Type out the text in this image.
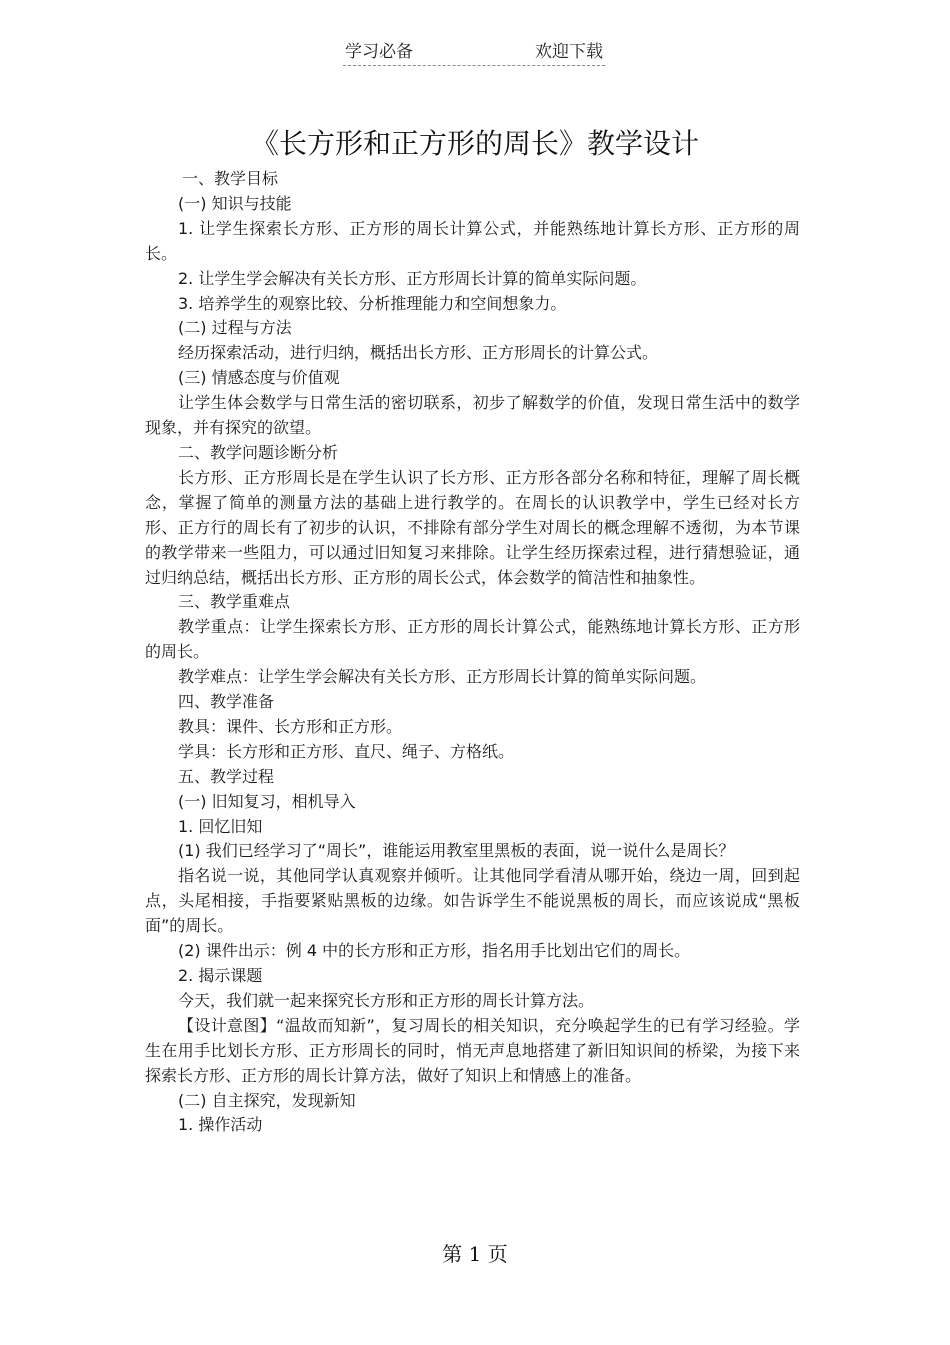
学习必备	欢迎下载
《长方形和正方形的周长》教学设计

一、教学目标

(一) 知识与技能

1. 让学生探索长方形、正方形的周长计算公式，并能熟练地计算长方形、正方形的周长。

2. 让学生学会解决有关长方形、正方形周长计算的简单实际问题。

3. 培养学生的观察比较、分析推理能力和空间想象力。

(二) 过程与方法

经历探索活动，进行归纳，概括出长方形、正方形周长的计算公式。

(三) 情感态度与价值观

让学生体会数学与日常生活的密切联系，初步了解数学的价值，发现日常生活中的数学现象，并有探究的欲望。

二、教学问题诊断分析

长方形、正方形周长是在学生认识了长方形、正方形各部分名称和特征，理解了周长概念，掌握了简单的测量方法的基础上进行教学的。在周长的认识教学中，学生已经对长方形、正方行的周长有了初步的认识，不排除有部分学生对周长的概念理解不透彻，为本节课的教学带来一些阻力，可以通过旧知复习来排除。让学生经历探索过程，进行猜想验证，通过归纳总结，概括出长方形、正方形的周长公式，体会数学的简洁性和抽象性。

三、教学重难点

教学重点：让学生探索长方形、正方形的周长计算公式，能熟练地计算长方形、正方形的周长。

教学难点：让学生学会解决有关长方形、正方形周长计算的简单实际问题。

四、教学准备

教具：课件、长方形和正方形。

学具：长方形和正方形、直尺、绳子、方格纸。

五、教学过程

(一) 旧知复习，相机导入

1. 回忆旧知

(1) 我们已经学习了“周长”，谁能运用教室里黑板的表面，说一说什么是周长？

指名说一说，其他同学认真观察并倾听。让其他同学看清从哪开始，绕边一周，回到起点，头尾相接，手指要紧贴黑板的边缘。如告诉学生不能说黑板的周长，而应该说成“黑板面”的周长。

(2) 课件出示：例 4 中的长方形和正方形，指名用手比划出它们的周长。

2. 揭示课题

今天，我们就一起来探究长方形和正方形的周长计算方法。

【设计意图】“温故而知新”，复习周长的相关知识，充分唤起学生的已有学习经验。学生在用手比划长方形、正方形周长的同时，悄无声息地搭建了新旧知识间的桥梁，为接下来探索长方形、正方形的周长计算方法，做好了知识上和情感上的准备。

(二) 自主探究，发现新知

1. 操作活动

第 1 页
